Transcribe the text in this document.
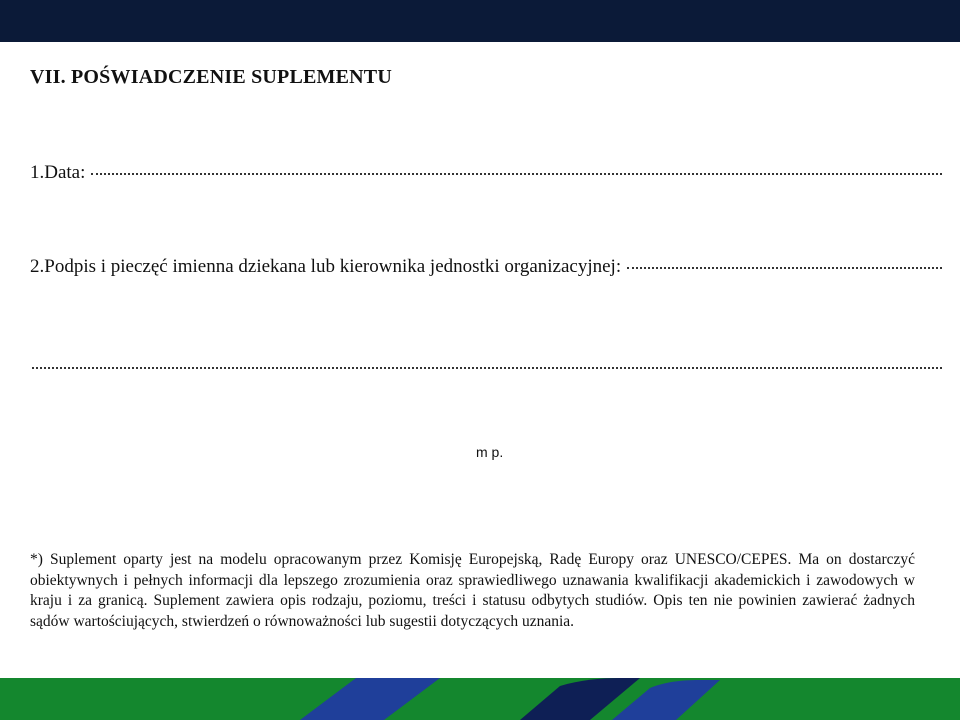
VII. POŚWIADCZENIE SUPLEMENTU
1.Data:
2.Podpis i pieczęć imienna dziekana lub kierownika jednostki organizacyjnej:
m p.
*) Suplement oparty jest na modelu opracowanym przez Komisję Europejską, Radę Europy oraz UNESCO/CEPES. Ma on dostarczyć obiektywnych i pełnych informacji dla lepszego zrozumienia oraz sprawiedliwego uznawania kwalifikacji akademickich i zawodowych w kraju i za granicą. Suplement zawiera opis rodzaju, poziomu, treści i statusu odbytych studiów. Opis ten nie powinien zawierać żadnych sądów wartościujących, stwierdzeń o równoważności lub sugestii dotyczących uznania.
